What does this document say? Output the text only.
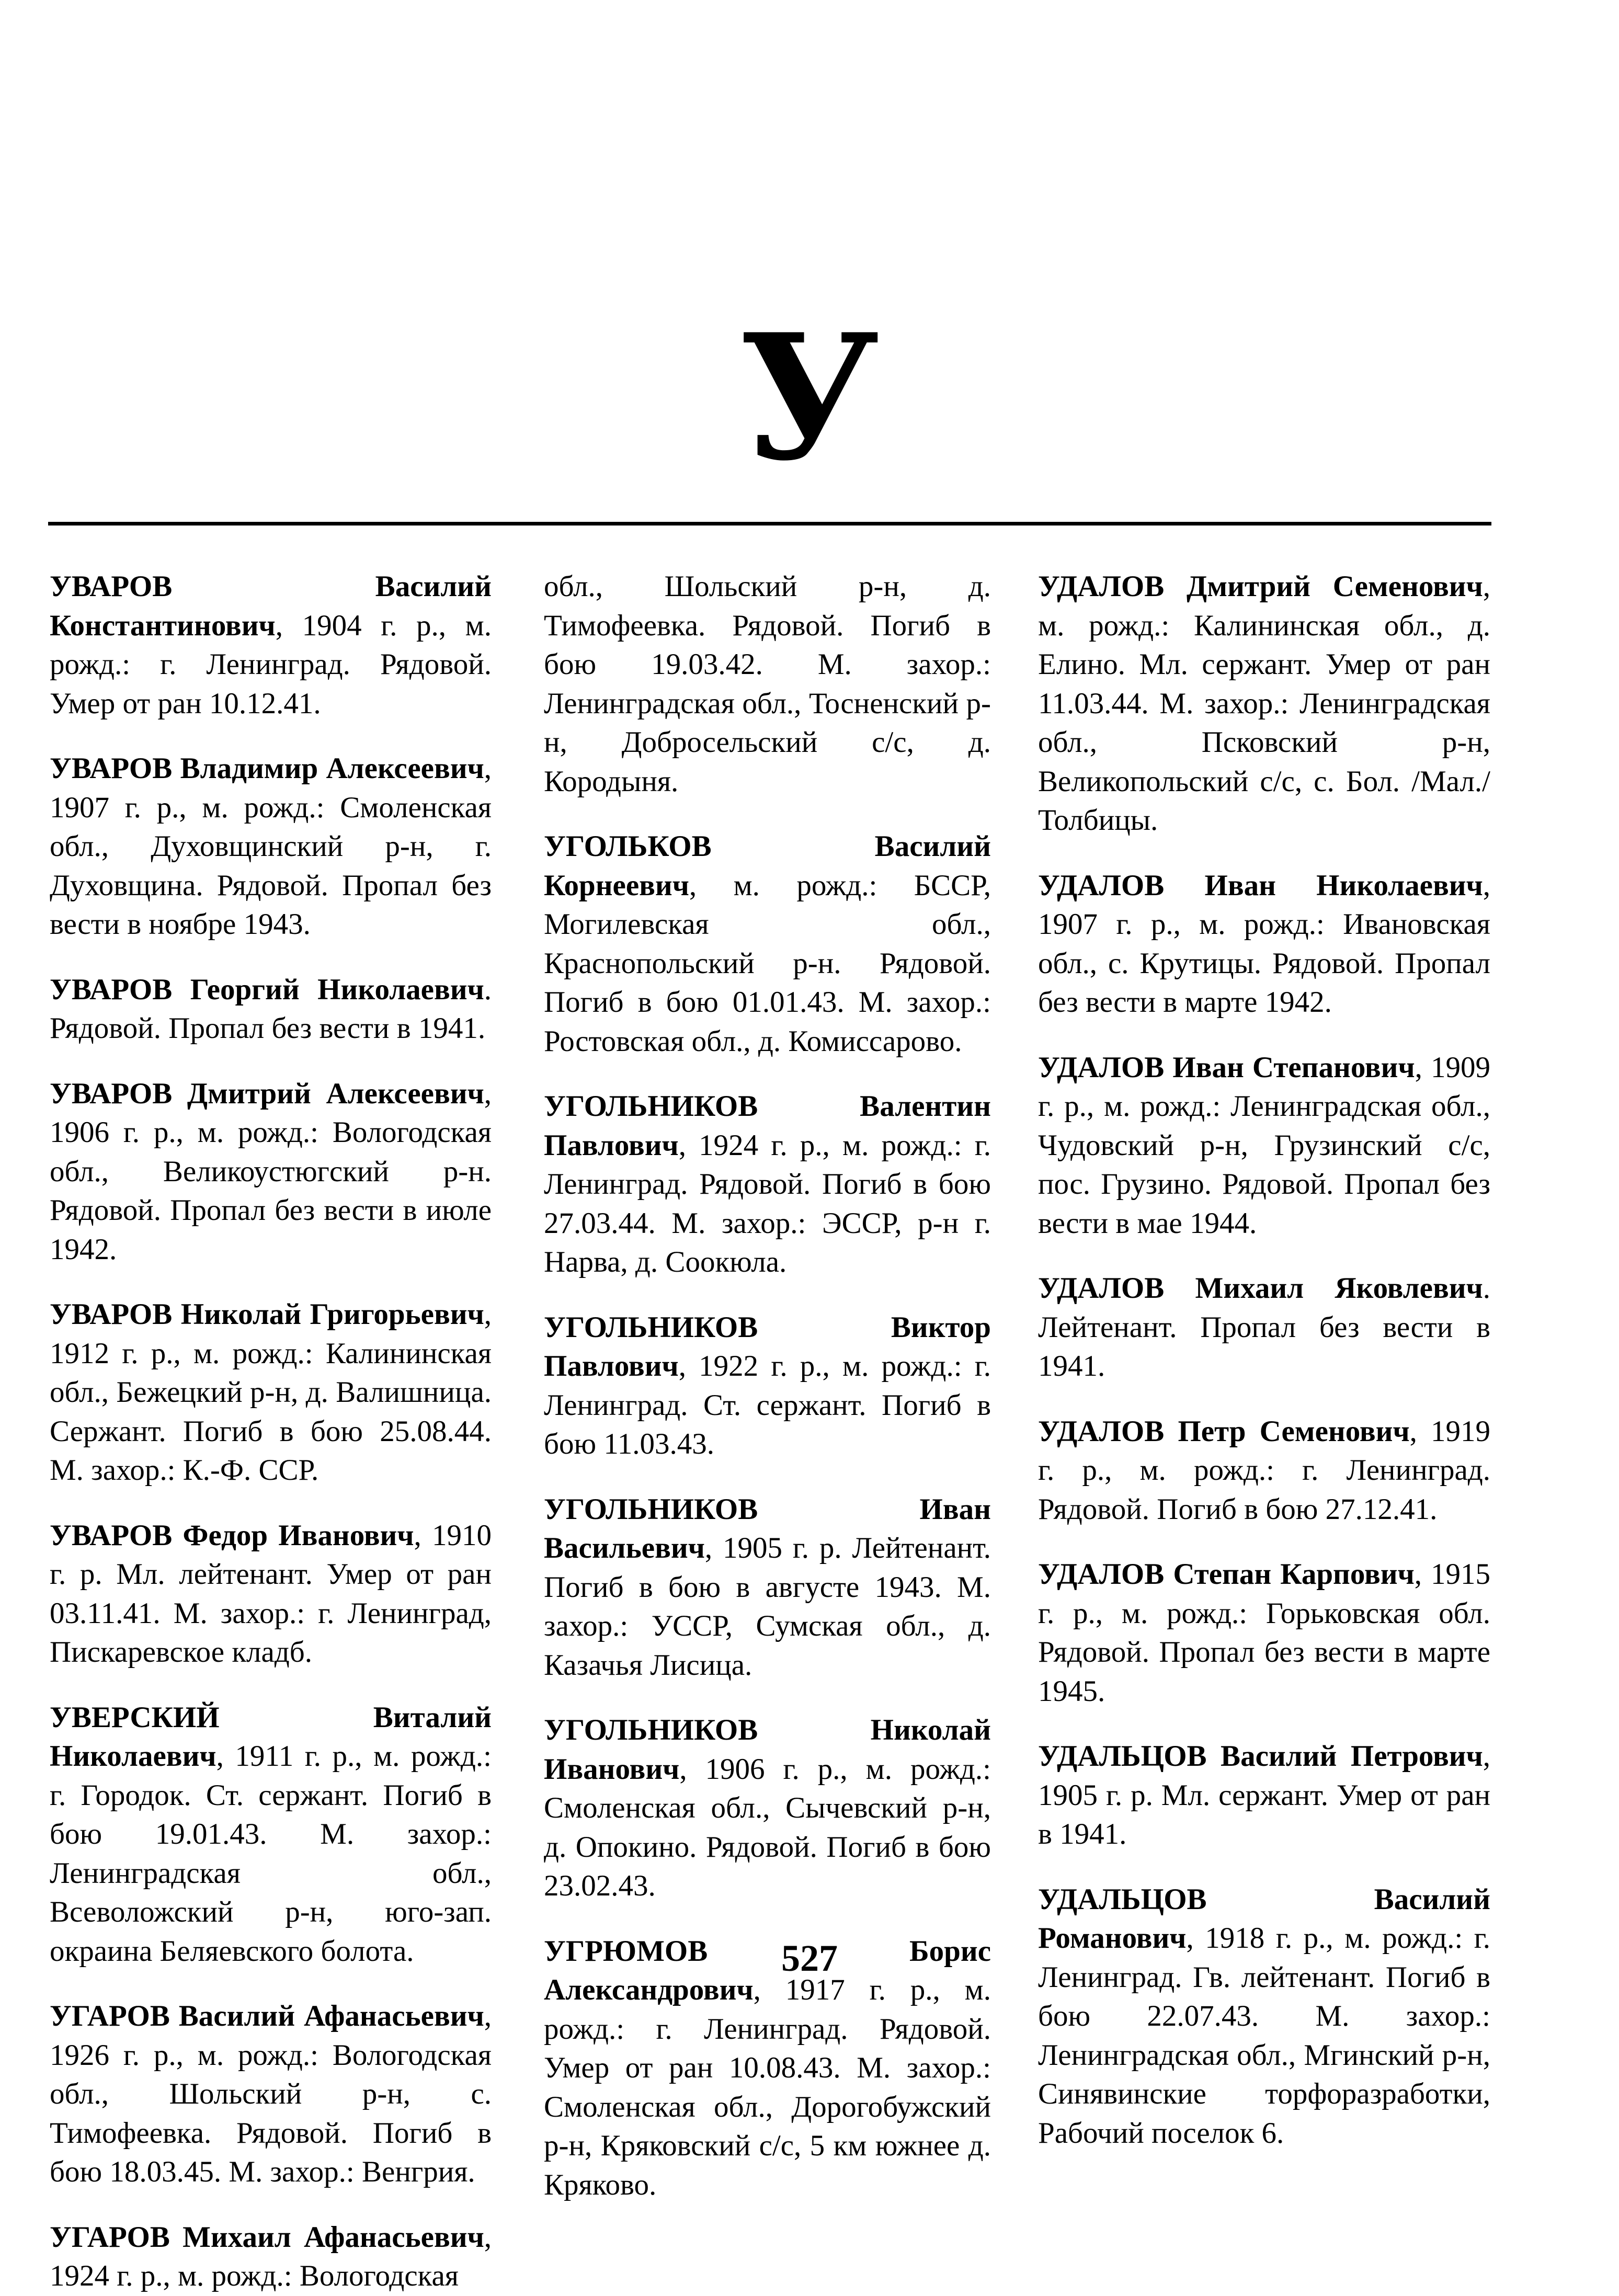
У

УВАРОВ	Василий Константинович, 1904 г. р., м. рожд.: г. Ленинград. Рядовой. Умер от ран 10.12.41.

УВАРОВ Владимир Алексеевич, 1907 г. р., м. рожд.: Смоленская обл., Духовщинский р-н, г. Духовщина. Рядовой. Пропал без вести в ноябре 1943.

УВАРОВ Георгий Николаевич. Рядовой. Пропал без вести в 1941.

УВАРОВ Дмитрий Алексеевич, 1906 г. р., м. рожд.: Вологодская обл., Великоустюгский р-н. Рядовой. Пропал без вести в июле 1942.

УВАРОВ Николай Григорьевич, 1912 г. р., м. рожд.: Калининская обл., Бежецкий р-н, д. Валишница. Сержант. Погиб в бою 25.08.44. М. захор.: К.-Ф. ССР.

УВАРОВ Федор Иванович, 1910 г. р. Мл. лейтенант. Умер от ран 03.11.41. М. захор.: г. Ленинград, Пискаревское кладб.

УВЕРСКИЙ	Виталий Николаевич, 1911 г. р., м. рожд.: г. Городок. Ст. сержант. Погиб в бою 19.01.43. М. захор.: Ленинградская обл., Всеволожский р-н, юго-зап. окраина Беляевского болота.

УГАРОВ Василий Афанасьевич, 1926 г. р., м. рожд.: Вологодская обл., Шольский р-н, с. Тимофеевка. Рядовой. Погиб в бою 18.03.45. М. захор.: Венгрия.

УГАРОВ Михаил Афанасьевич, 1924 г. р., м. рожд.: Вологодская

обл., Шольский р-н, д. Тимофеевка. Рядовой. Погиб в бою 19.03.42. М. захор.: Ленинградская обл., Тосненский р-н, Добросельский с/с, д. Кородыня.

УГОЛЬКОВ	Василий Корнеевич, м. рожд.: БССР, Могилевская обл., Краснопольский р-н. Рядовой. Погиб в бою 01.01.43. М. захор.: Ростовская обл., д. Комиссарово.

УГОЛЬНИКОВ	Валентин Павлович, 1924 г. р., м. рожд.: г. Ленинград. Рядовой. Погиб в бою 27.03.44. М. захор.: ЭССР, р-н г. Нарва, д. Соокюла.

УГОЛЬНИКОВ	Виктор Павлович, 1922 г. р., м. рожд.: г. Ленинград. Ст. сержант. Погиб в бою 11.03.43.

УГОЛЬНИКОВ	Иван Васильевич, 1905 г. р. Лейтенант. Погиб в бою в августе 1943. М. захор.: УССР, Сумская обл., д. Казачья Лисица.

УГОЛЬНИКОВ	Николай Иванович, 1906 г. р., м. рожд.: Смоленская обл., Сычевский р-н, д. Опокино. Рядовой. Погиб в бою 23.02.43.

УГРЮМОВ	Борис Александрович, 1917 г. р., м. рожд.: г. Ленинград. Рядовой. Умер от ран 10.08.43. М. захор.: Смоленская обл., Дорогобужский р-н, Кряковский с/с, 5 км южнее д. Кряково.

УДАЛОВ Дмитрий Семенович, м. рожд.: Калининская обл., д. Елино. Мл. сержант. Умер от ран 11.03.44. М. захор.: Ленинградская обл., Псковский р-н, Великопольский с/с, с. Бол. /Мал./ Толбицы.

УДАЛОВ Иван Николаевич, 1907 г. р., м. рожд.: Ивановская обл., с. Крутицы. Рядовой. Пропал без вести в марте 1942.

УДАЛОВ Иван Степанович, 1909 г. р., м. рожд.: Ленинградская обл., Чудовский р-н, Грузинский с/с, пос. Грузино. Рядовой. Пропал без вести в мае 1944.

УДАЛОВ Михаил Яковлевич. Лейтенант. Пропал без вести в 1941.

УДАЛОВ Петр Семенович, 1919 г. р., м. рожд.: г. Ленинград. Рядовой. Погиб в бою 27.12.41.

УДАЛОВ Степан Карпович, 1915 г. р., м. рожд.: Горьковская обл. Рядовой. Пропал без вести в марте 1945.

УДАЛЬЦОВ Василий Петрович, 1905 г. р. Мл. сержант. Умер от ран в 1941.

УДАЛЬЦОВ	Василий Романович, 1918 г. р., м. рожд.: г. Ленинград. Гв. лейтенант. Погиб в бою 22.07.43. М. захор.: Ленинградская обл., Мгинский р-н, Синявинские торфоразработки, Рабочий поселок 6.

527
